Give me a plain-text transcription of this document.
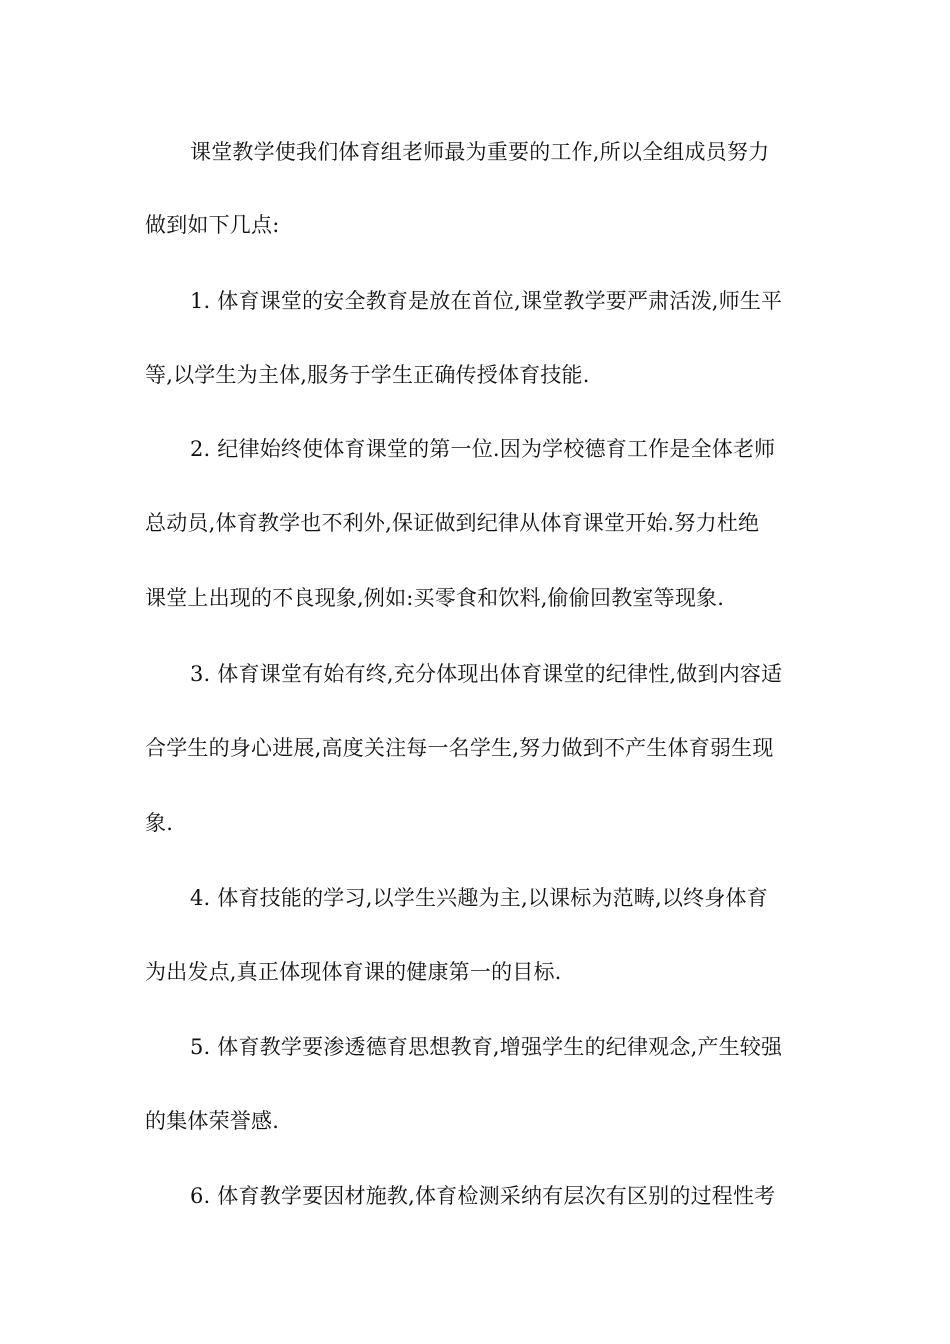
课堂教学使我们体育组老师最为重要的工作,所以全组成员努力
做到如下几点:
1. 体育课堂的安全教育是放在首位,课堂教学要严肃活泼,师生平
等,以学生为主体,服务于学生正确传授体育技能.
2. 纪律始终使体育课堂的第一位.因为学校德育工作是全体老师
总动员,体育教学也不利外,保证做到纪律从体育课堂开始.努力杜绝
课堂上出现的不良现象,例如:买零食和饮料,偷偷回教室等现象.
3. 体育课堂有始有终,充分体现出体育课堂的纪律性,做到内容适
合学生的身心进展,高度关注每一名学生,努力做到不产生体育弱生现
象.
4. 体育技能的学习,以学生兴趣为主,以课标为范畴,以终身体育
为出发点,真正体现体育课的健康第一的目标.
5. 体育教学要渗透德育思想教育,增强学生的纪律观念,产生较强
的集体荣誉感.
6. 体育教学要因材施教,体育检测采纳有层次有区别的过程性考
